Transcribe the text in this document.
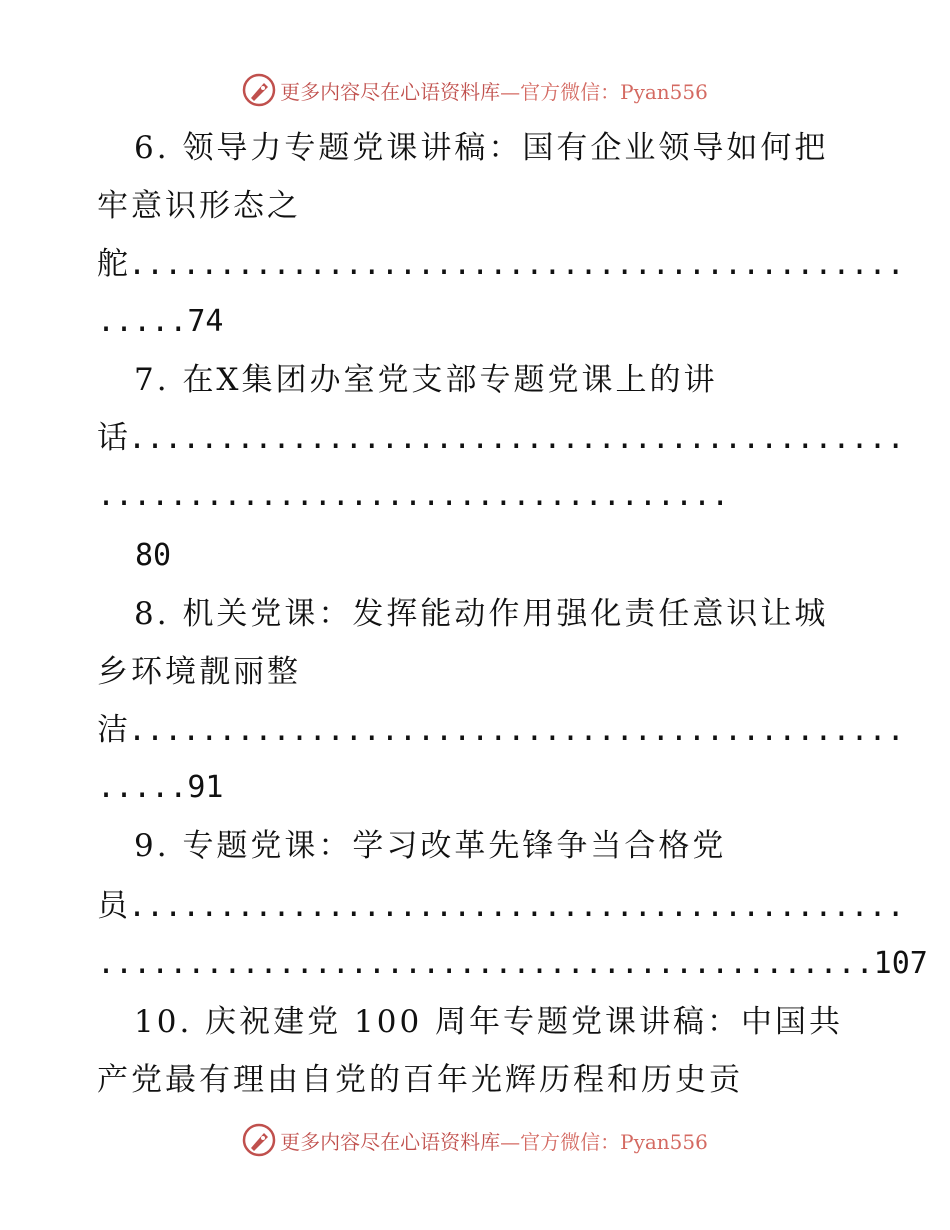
更多内容尽在心语资料库—官方微信：Pyan556
6. 领导力专题党课讲稿：国有企业领导如何把
牢意识形态之
舵...........................................
.....74
7. 在X集团办室党支部专题党课上的讲
话...........................................
...................................
80
8. 机关党课：发挥能动作用强化责任意识让城
乡环境靓丽整
洁...........................................
.....91
9. 专题党课：学习改革先锋争当合格党
员...........................................
...........................................107
10. 庆祝建党 100 周年专题党课讲稿：中国共
产党最有理由自党的百年光辉历程和历史贡
更多内容尽在心语资料库—官方微信：Pyan556
